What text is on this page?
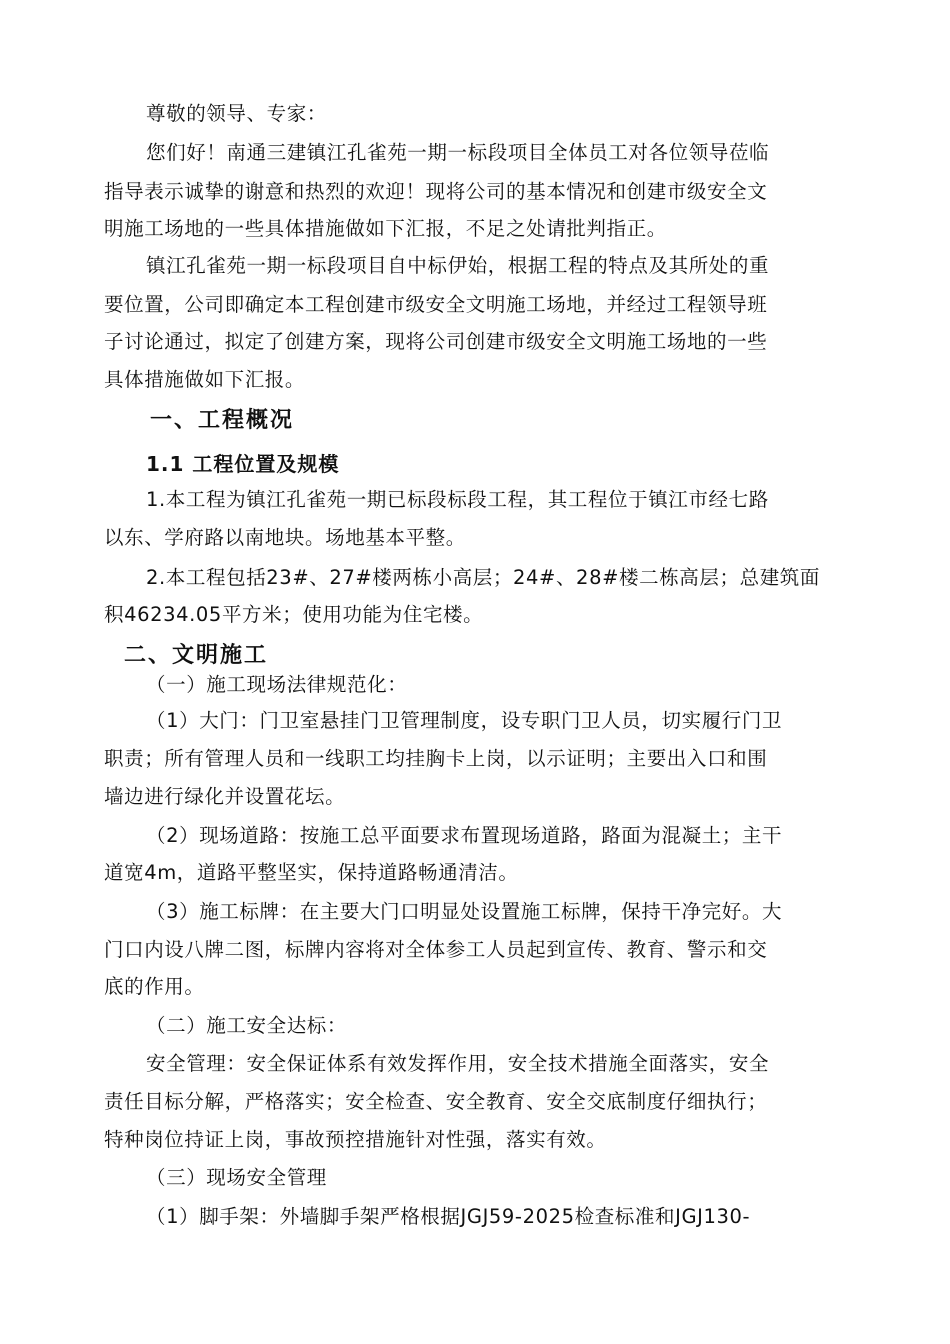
尊敬的领导、专家：
您们好！南通三建镇江孔雀苑一期一标段项目全体员工对各位领导莅临
指导表示诚挚的谢意和热烈的欢迎！现将公司的基本情况和创建市级安全文
明施工场地的一些具体措施做如下汇报，不足之处请批判指正。
镇江孔雀苑一期一标段项目自中标伊始，根据工程的特点及其所处的重
要位置，公司即确定本工程创建市级安全文明施工场地，并经过工程领导班
子讨论通过，拟定了创建方案，现将公司创建市级安全文明施工场地的一些
具体措施做如下汇报。
一、工程概况
1.1 工程位置及规模
1.本工程为镇江孔雀苑一期已标段标段工程，其工程位于镇江市经七路
以东、学府路以南地块。场地基本平整。
2.本工程包括23#、27#楼两栋小高层；24#、28#楼二栋高层；总建筑面
积46234.05平方米；使用功能为住宅楼。
二、文明施工
（一）施工现场法律规范化：
（1）大门：门卫室悬挂门卫管理制度，设专职门卫人员，切实履行门卫
职责；所有管理人员和一线职工均挂胸卡上岗，以示证明；主要出入口和围
墙边进行绿化并设置花坛。
（2）现场道路：按施工总平面要求布置现场道路，路面为混凝土；主干
道宽4m，道路平整坚实，保持道路畅通清洁。
（3）施工标牌：在主要大门口明显处设置施工标牌，保持干净完好。大
门口内设八牌二图，标牌内容将对全体参工人员起到宣传、教育、警示和交
底的作用。
（二）施工安全达标：
安全管理：安全保证体系有效发挥作用，安全技术措施全面落实，安全
责任目标分解，严格落实；安全检查、安全教育、安全交底制度仔细执行；
特种岗位持证上岗，事故预控措施针对性强，落实有效。
（三）现场安全管理
（1）脚手架：外墙脚手架严格根据JGJ59-2025检查标准和JGJ130-
